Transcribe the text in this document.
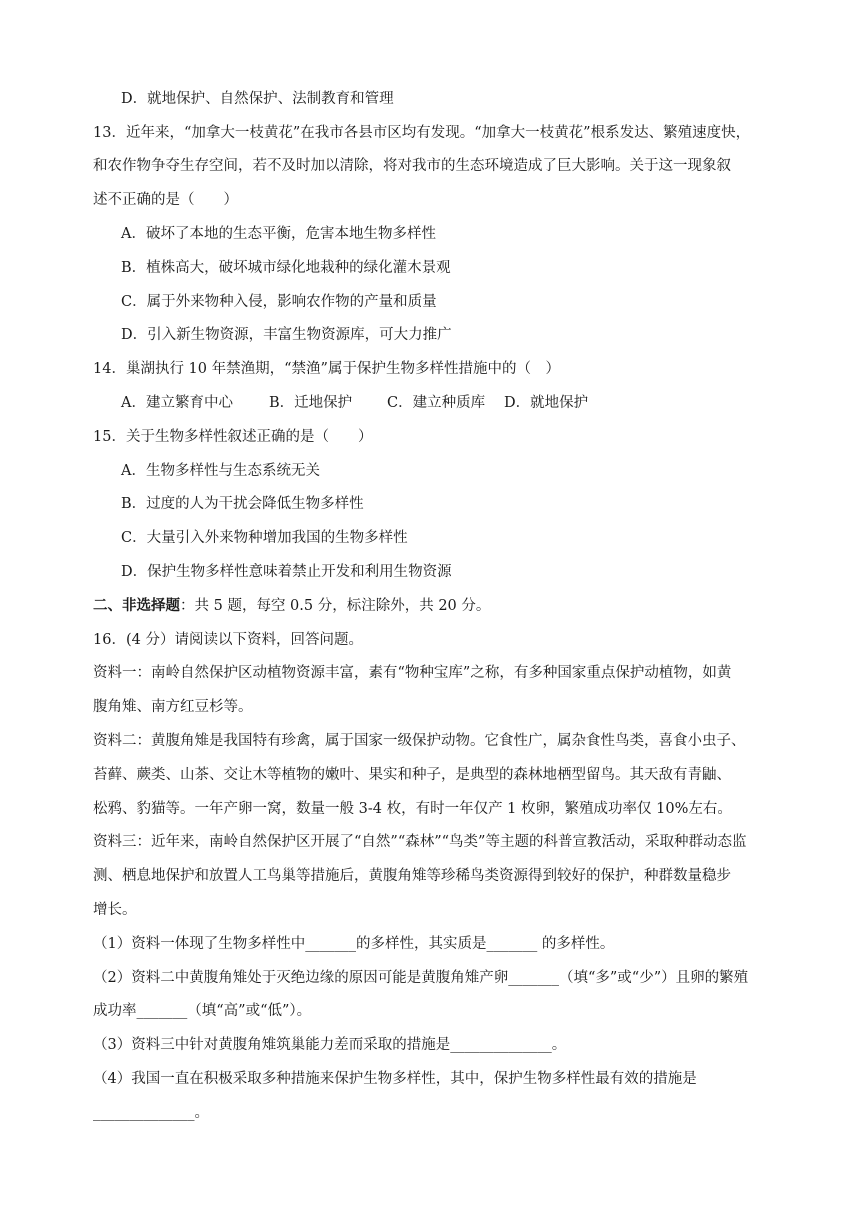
D．就地保护、自然保护、法制教育和管理
13．近年来，“加拿大一枝黄花”在我市各县市区均有发现。“加拿大一枝黄花”根系发达、繁殖速度快，
和农作物争夺生存空间，若不及时加以清除，将对我市的生态环境造成了巨大影响。关于这一现象叙
述不正确的是（　　）
A．破坏了本地的生态平衡，危害本地生物多样性
B．植株高大，破坏城市绿化地栽种的绿化灌木景观
C．属于外来物种入侵，影响农作物的产量和质量
D．引入新生物资源，丰富生物资源库，可大力推广
14．巢湖执行 10 年禁渔期，“禁渔”属于保护生物多样性措施中的（　）
A．建立繁育中心 B．迁地保护 C．建立种质库 D．就地保护
15．关于生物多样性叙述正确的是（　　）
A．生物多样性与生态系统无关
B．过度的人为干扰会降低生物多样性
C．大量引入外来物种增加我国的生物多样性
D．保护生物多样性意味着禁止开发和利用生物资源
二、非选择题：共 5 题，每空 0.5 分，标注除外，共 20 分。
16．(4 分）请阅读以下资料，回答问题。
资料一：南岭自然保护区动植物资源丰富，素有“物种宝库”之称，有多种国家重点保护动植物，如黄
腹角雉、南方红豆杉等。
资料二：黄腹角雉是我国特有珍禽，属于国家一级保护动物。它食性广，属杂食性鸟类，喜食小虫子、
苔藓、蕨类、山茶、交让木等植物的嫩叶、果实和种子，是典型的森林地栖型留鸟。其天敌有青鼬、
松鸦、豹猫等。一年产卵一窝，数量一般 3-4 枚，有时一年仅产 1 枚卵，繁殖成功率仅 10%左右。
资料三：近年来，南岭自然保护区开展了“自然”“森林”“鸟类”等主题的科普宣教活动，采取种群动态监
测、栖息地保护和放置人工鸟巢等措施后，黄腹角雉等珍稀鸟类资源得到较好的保护，种群数量稳步
增长。
（1）资料一体现了生物多样性中_______的多样性，其实质是_______ 的多样性。
（2）资料二中黄腹角雉处于灭绝边缘的原因可能是黄腹角雉产卵_______（填“多”或“少”）且卵的繁殖
成功率_______（填“高”或“低”）。
（3）资料三中针对黄腹角雉筑巢能力差而采取的措施是______________。
（4）我国一直在积极采取多种措施来保护生物多样性，其中，保护生物多样性最有效的措施是
______________。
